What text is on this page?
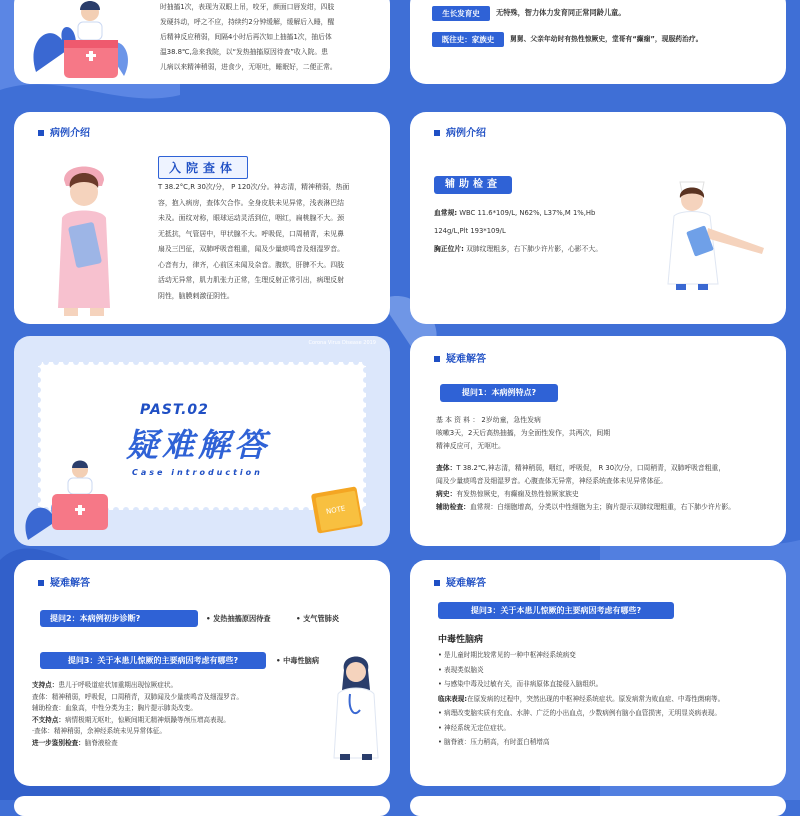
时抽搐1次，表现为双眼上吊，咬牙，颜面口唇发绀，四肢
发硬抖动，呼之不应，持续约2分钟缓解，缓解后入睡，醒
后精神反应稍弱，间隔4小时后再次如上抽搐1次，抽后体
温38.8℃,急来我院，以“发热抽搐原因待查”收入院。患
儿病以来精神稍弱，进食少，无呕吐，睡眠好，二便正常。
生长发育史	无特殊，智力体力发育同正常同龄儿童。
既往史：家族史	舅舅、父亲年幼时有热性惊厥史，堂哥有“癫痫”，现服药治疗。
病例介绍
入院查体
T 38.2°C,R 30次/分， P 120次/分。神志清，精神稍弱，热面
容，抱入病房，查体欠合作。全身皮肤未见异常，浅表淋巴结
未及。面纹对称，眼球运动灵活到位，咽红，扁桃腺不大。颈
无抵抗，气管居中，甲状腺不大。呼吸促，口周稍青，未见鼻
扇及三凹征，双肺呼吸音粗重，闻及少量痰鸣音及细湿罗音。
心音有力，律齐，心前区未闻及杂音。腹软，肝脾不大。四肢
活动无异常，肌力肌张力正常，生理反射正常引出，病理反射
阴性，脑膜刺激征阴性。
病例介绍
辅助检查
血常规: WBC 11.6*109/L, N62%, L37%,M 1%,Hb
124g/L,Plt 193*109/L
胸正位片: 双肺纹理粗多，右下肺少许片影，心影不大。
Corona Virus Disease 2019
PAST.02
疑难解答
Case introduction
NOTE
疑难解答
提问1：本病例特点?
基 本 资 料 ： 2岁幼童，急性发病
咳嗽3天，2天后高热抽搐，为全面性发作，共两次，间期
精神反应可，无呕吐。
查体：T 38.2℃,神志清，精神稍弱，咽红，呼吸促， R 30次/分，口周稍青，双肺呼吸音粗重，
闻及少量痰鸣音及细湿罗音。心腹查体无异常，神经系统查体未见异常体征。
病史：有发热惊厥史，有癫痫及热性惊厥家族史
辅助检查：血常规：白细胞增高，分类以中性细胞为主；胸片提示双肺纹理粗重，右下肺少许片影。
疑难解答
提问2：本病例初步诊断?	• 发热抽搐原因待查	• 支气管肺炎
提问3：关于本患儿惊厥的主要病因考虑有哪些?	• 中毒性脑病
支持点：患儿于呼吸道症状加重期出现惊厥症状。
查体：精神稍弱，呼吸促，口周稍青，双肺闻及少量痰鸣音及细湿罗音。
辅助检查：血象高，中性分类为主；胸片提示肺炎改变。
不支持点：病情极期无呕吐，惊厥间期无精神烦躁等颅压增高表现。
·查体：精神稍弱，余神经系统未见异常体征。
进一步鉴别检查：脑脊液检查
疑难解答
提问3：关于本患儿惊厥的主要病因考虑有哪些?
中毒性脑病
• 是儿童时期比较常见的一种中枢神经系统病变
• 表现类似脑炎
• 与感染中毒及过敏有关，而非病原体直接侵入脑组织。
临床表现:在原发病的过程中，突然出现的中枢神经系统症状。原发病常为败血症、中毒性菌痢等。
• 病理改变脑实质有充血、水肿、广泛的小出血点，少数病例有脑小血管损害，无明显炎病表现。
• 神经系统无定位症状。
• 脑脊液：压力稍高，有时蛋白稍增高
